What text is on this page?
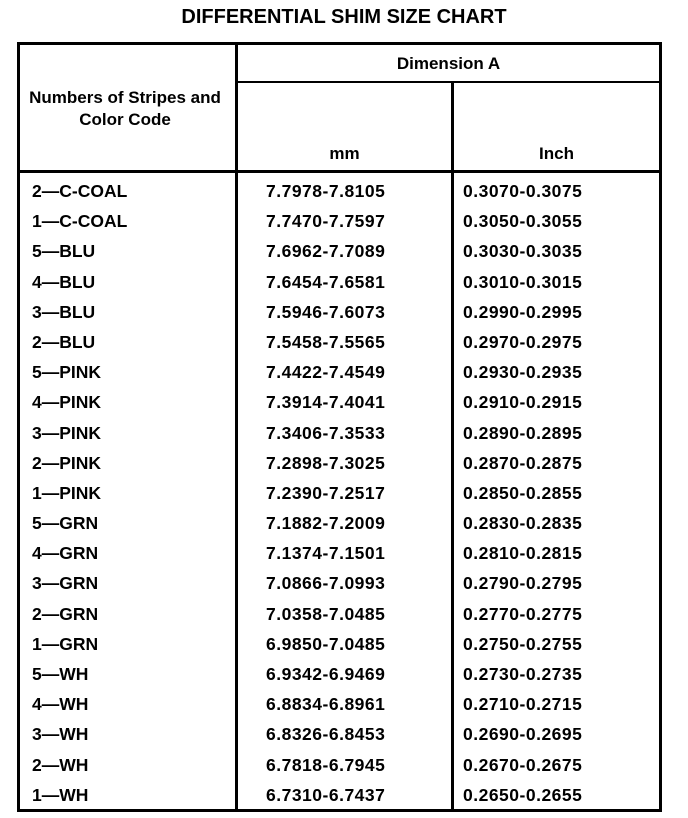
DIFFERENTIAL SHIM SIZE CHART
Numbers of Stripes and Color Code
Dimension A
mm	Inch
2—C-COAL	7.7978-7.8105	0.3070-0.3075
1—C-COAL	7.7470-7.7597	0.3050-0.3055
5—BLU	7.6962-7.7089	0.3030-0.3035
4—BLU	7.6454-7.6581	0.3010-0.3015
3—BLU	7.5946-7.6073	0.2990-0.2995
2—BLU	7.5458-7.5565	0.2970-0.2975
5—PINK	7.4422-7.4549	0.2930-0.2935
4—PINK	7.3914-7.4041	0.2910-0.2915
3—PINK	7.3406-7.3533	0.2890-0.2895
2—PINK	7.2898-7.3025	0.2870-0.2875
1—PINK	7.2390-7.2517	0.2850-0.2855
5—GRN	7.1882-7.2009	0.2830-0.2835
4—GRN	7.1374-7.1501	0.2810-0.2815
3—GRN	7.0866-7.0993	0.2790-0.2795
2—GRN	7.0358-7.0485	0.2770-0.2775
1—GRN	6.9850-7.0485	0.2750-0.2755
5—WH	6.9342-6.9469	0.2730-0.2735
4—WH	6.8834-6.8961	0.2710-0.2715
3—WH	6.8326-6.8453	0.2690-0.2695
2—WH	6.7818-6.7945	0.2670-0.2675
1—WH	6.7310-6.7437	0.2650-0.2655
